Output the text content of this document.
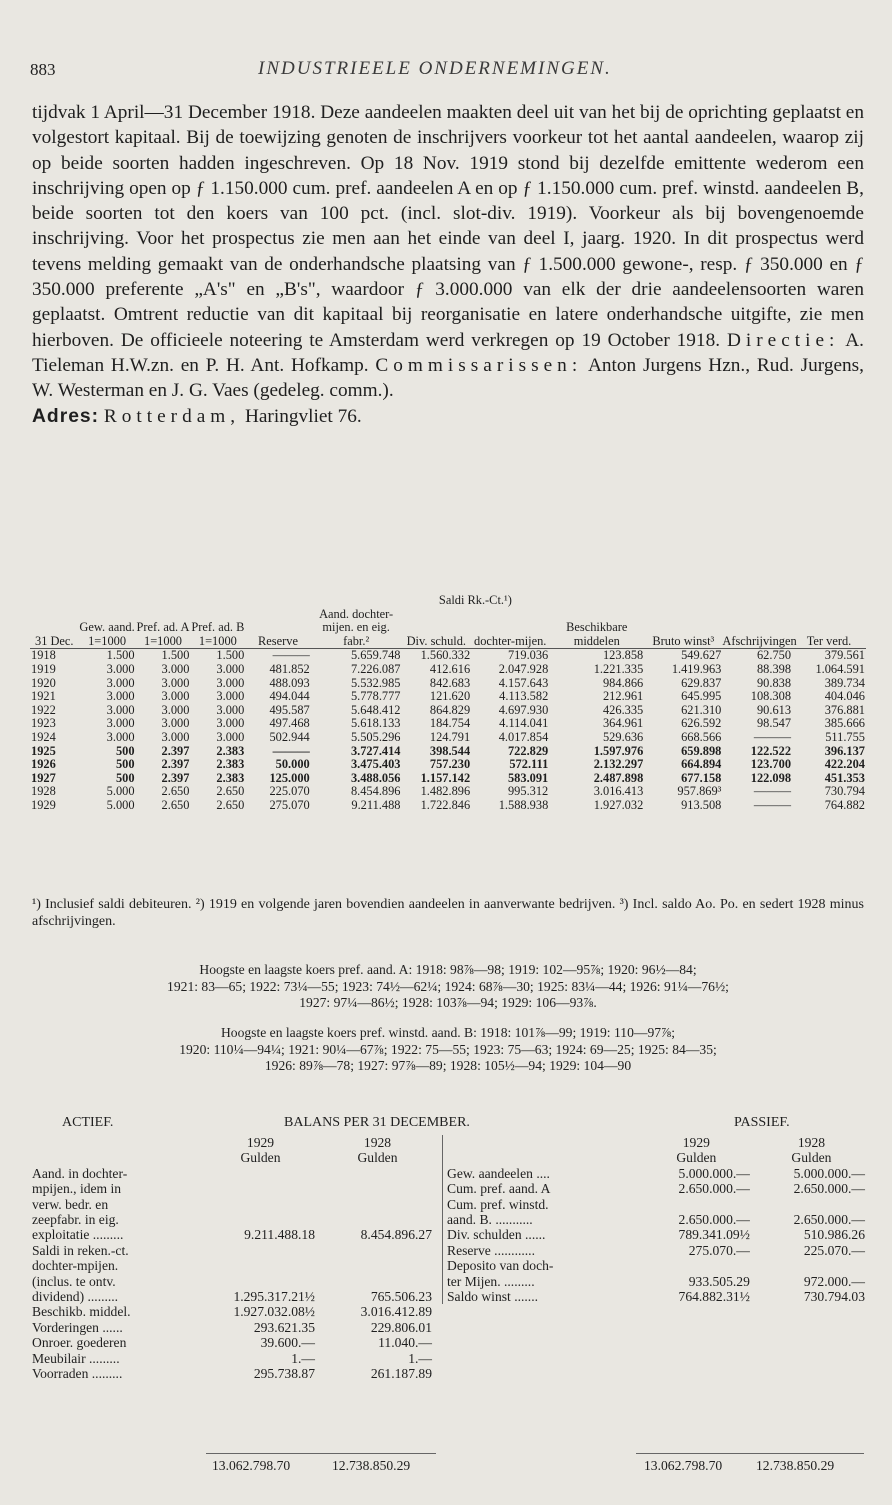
883	INDUSTRIEELE ONDERNEMINGEN.

tijdvak 1 April—31 December 1918. Deze aandeelen maakten deel uit van het bij de oprichting geplaatst en volgestort kapitaal. Bij de toewijzing genoten de inschrijvers voorkeur tot het aantal aandeelen, waarop zij op beide soorten hadden ingeschreven. Op 18 Nov. 1919 stond bij dezelfde emittente wederom een inschrijving open op ƒ 1.150.000 cum. pref. aandeelen A en op ƒ 1.150.000 cum. pref. winstd. aandeelen B, beide soorten tot den koers van 100 pct. (incl. slot-div. 1919). Voorkeur als bij bovengenoemde inschrijving. Voor het prospectus zie men aan het einde van deel I, jaarg. 1920. In dit prospectus werd tevens melding gemaakt van de onderhandsche plaatsing van ƒ 1.500.000 gewone-, resp. ƒ 350.000 en ƒ 350.000 preferente „A's" en „B's", waardoor ƒ 3.000.000 van elk der drie aandeelensoorten waren geplaatst. Omtrent reductie van dit kapitaal bij reorganisatie en latere onderhandsche uitgifte, zie men hierboven. De officieele noteering te Amsterdam werd verkregen op 19 October 1918. Directie: A. Tieleman H.W.zn. en P. H. Ant. Hofkamp. Commissarissen: Anton Jurgens Hzn., Rud. Jurgens, W. Westerman en J. G. Vaes (gedeleg. comm.).

Adres: Rotterdam, Haringvliet 76.

						Saldi Rk.-Ct.¹)					
31 Dec.	Gew. aand. 1=1000	Pref. ad. A 1=1000	Pref. ad. B 1=1000	Reserve	Aand. dochter-mijen. en eig. fabr.²	Div. schuld.	dochter-mijen.	Beschikbare middelen	Bruto winst³	Afschrijvingen	Ter verd.
1918	1.500	1.500	1.500	———	5.659.748	1.560.332	719.036	123.858	549.627	62.750	379.561
1919	3.000	3.000	3.000	481.852	7.226.087	412.616	2.047.928	1.221.335	1.419.963	88.398	1.064.591
1920	3.000	3.000	3.000	488.093	5.532.985	842.683	4.157.643	984.866	629.837	90.838	389.734
1921	3.000	3.000	3.000	494.044	5.778.777	121.620	4.113.582	212.961	645.995	108.308	404.046
1922	3.000	3.000	3.000	495.587	5.648.412	864.829	4.697.930	426.335	621.310	90.613	376.881
1923	3.000	3.000	3.000	497.468	5.618.133	184.754	4.114.041	364.961	626.592	98.547	385.666
1924	3.000	3.000	3.000	502.944	5.505.296	124.791	4.017.854	529.636	668.566	———	511.755
1925	500	2.397	2.383	———	3.727.414	398.544	722.829	1.597.976	659.898	122.522	396.137
1926	500	2.397	2.383	50.000	3.475.403	757.230	572.111	2.132.297	664.894	123.700	422.204
1927	500	2.397	2.383	125.000	3.488.056	1.157.142	583.091	2.487.898	677.158	122.098	451.353
1928	5.000	2.650	2.650	225.070	8.454.896	1.482.896	995.312	3.016.413	957.869³	———	730.794
1929	5.000	2.650	2.650	275.070	9.211.488	1.722.846	1.588.938	1.927.032	913.508	———	764.882

¹) Inclusief saldi debiteuren. ²) 1919 en volgende jaren bovendien aandeelen in aanverwante bedrijven. ³) Incl. saldo Ao. Po. en sedert 1928 minus afschrijvingen.

Hoogste en laagste koers pref. aand. A: 1918: 98⅞—98; 1919: 102—95⅞; 1920: 96½—84;

1921: 83—65; 1922: 73¼—55; 1923: 74½—62¼; 1924: 68⅞—30; 1925: 83¼—44; 1926: 91¼—76½;

1927: 97¼—86½; 1928: 103⅞—94; 1929: 106—93⅞.

Hoogste en laagste koers pref. winstd. aand. B: 1918: 101⅞—99; 1919: 110—97⅞;

1920: 110¼—94¼; 1921: 90¼—67⅞; 1922: 75—55; 1923: 75—63; 1924: 69—25; 1925: 84—35;

1926: 89⅞—78; 1927: 97⅞—89; 1928: 105½—94; 1929: 104—90

ACTIEF.	BALANS PER 31 DECEMBER.	PASSIEF.
	1929	1928
	Gulden	Gulden
Aand. in dochter-		
mpijen., idem in		
verw. bedr. en		
zeepfabr. in eig.		
exploitatie .........	9.211.488.18	8.454.896.27
Saldi in reken.-ct.		
dochter-mpijen.		
(inclus. te ontv.		
dividend) .........	1.295.317.21½	765.506.23
Beschikb. middel.	1.927.032.08½	3.016.412.89
Vorderingen ......	293.621.35	229.806.01
Onroer. goederen	39.600.—	11.040.—
Meubilair .........	1.—	1.—
Voorraden .........	295.738.87	261.187.89
	1929	1928
	Gulden	Gulden
Gew. aandeelen ....	5.000.000.—	5.000.000.—
Cum. pref. aand. A	2.650.000.—	2.650.000.—
Cum. pref. winstd.		
aand. B. ...........	2.650.000.—	2.650.000.—
Div. schulden ......	789.341.09½	510.986.26
Reserve ............	275.070.—	225.070.—
Deposito van doch-		
ter Mijen. .........	933.505.29	972.000.—
Saldo winst .......	764.882.31½	730.794.03
13.062.798.70	12.738.850.29	13.062.798.70 12.738.850.29
